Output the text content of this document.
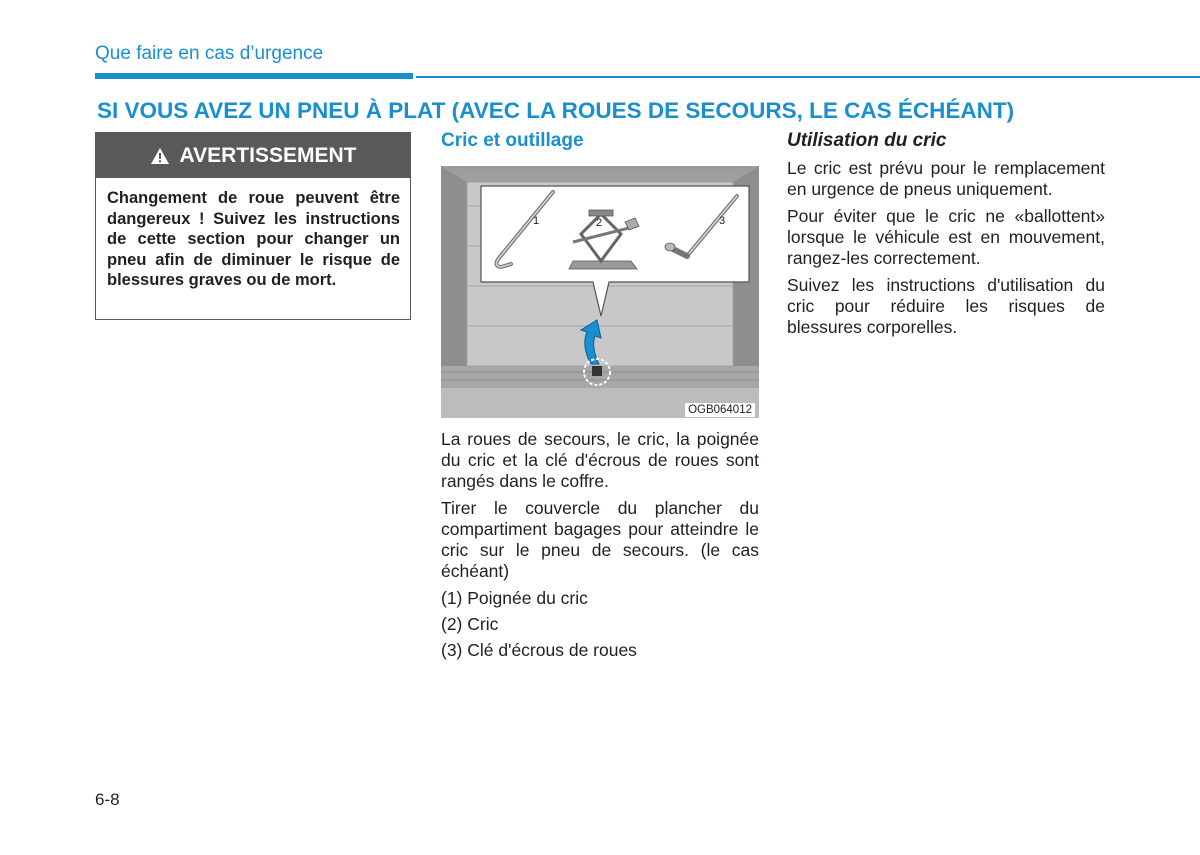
Que faire en cas d’urgence
SI VOUS AVEZ UN PNEU À PLAT (AVEC LA ROUES DE SECOURS, LE CAS ÉCHÉANT)
AVERTISSEMENT

Changement de roue peuvent être dangereux ! Suivez les instructions de cette section pour changer un pneu afin de diminuer le risque de blessures graves ou de mort.

Cric et outillage
1	2	3
OGB064012

La roues de secours, le cric, la poignée du cric et la clé d'écrous de roues sont rangés dans le coffre.

Tirer le couvercle du plancher du compartiment bagages pour atteindre le cric sur le pneu de secours. (le cas échéant)

(1) Poignée du cric
(2) Cric
(3) Clé d'écrous de roues
Utilisation du cric

Le cric est prévu pour le remplacement en urgence de pneus uniquement.

Pour éviter que le cric ne «ballottent» lorsque le véhicule est en mouvement, rangez-les correctement.

Suivez les instructions d'utilisation du cric pour réduire les risques de blessures corporelles.

6-8
